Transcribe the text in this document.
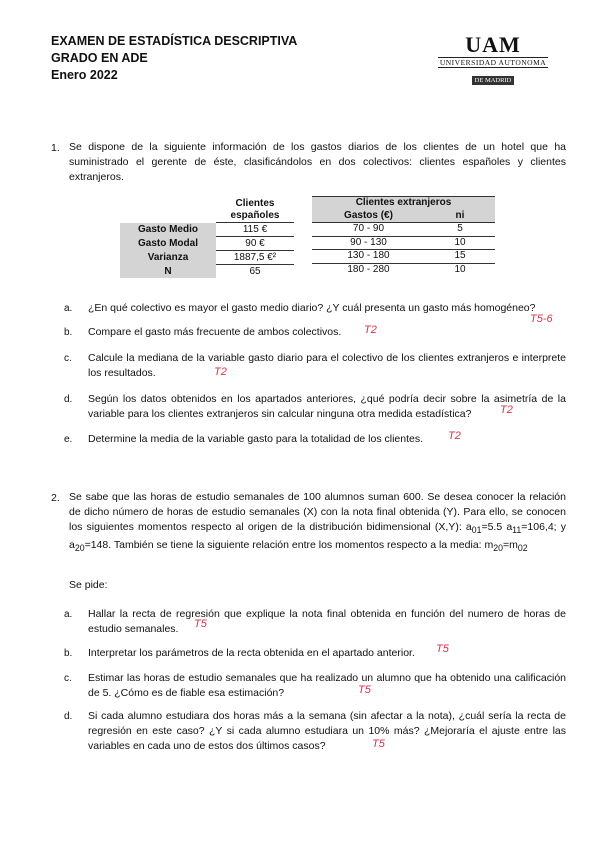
EXAMEN DE ESTADÍSTICA DESCRIPTIVA
GRADO EN ADE
Enero 2022
UAM
UNIVERSIDAD AUTONOMA
DE MADRID
1. Se dispone de la siguiente información de los gastos diarios de los clientes de un hotel que ha suministrado el gerente de éste, clasificándolos en dos colectivos: clientes españoles y clientes extranjeros.
	Clientes españoles
Gasto Medio	115 €
Gasto Modal	90 €
Varianza	1887,5 €²
N	65
Clientes extranjeros	
Gastos (€)	ni
70 - 90	5
90 - 130	10
130 - 180	15
180 - 280	10
a. ¿En qué colectivo es mayor el gasto medio diario? ¿Y cuál presenta un gasto más homogéneo?
T5-6
b. Compare el gasto más frecuente de ambos colectivos.	T2
c. Calcule la mediana de la variable gasto diario para el colectivo de los clientes extranjeros e interprete los resultados.	T2
d. Según los datos obtenidos en los apartados anteriores, ¿qué podría decir sobre la asimetría de la variable para los clientes extranjeros sin calcular ninguna otra medida estadística?	T2
e. Determine la media de la variable gasto para la totalidad de los clientes.	T2
2. Se sabe que las horas de estudio semanales de 100 alumnos suman 600. Se desea conocer la relación de dicho número de horas de estudio semanales (X) con la nota final obtenida (Y). Para ello, se conocen los siguientes momentos respecto al origen de la distribución bidimensional (X,Y): $a_{01}=5.5$ $a_{11}=106,4$; y $a_{20}=148$. También se tiene la siguiente relación entre los momentos respecto a la media: $m_{20}=m_{02}$
Se pide:
a. Hallar la recta de regresión que explique la nota final obtenida en función del numero de horas de estudio semanales.	T5
b. Interpretar los parámetros de la recta obtenida en el apartado anterior.	T5
c. Estimar las horas de estudio semanales que ha realizado un alumno que ha obtenido una calificación de 5. ¿Cómo es de fiable esa estimación?	T5
d. Si cada alumno estudiara dos horas más a la semana (sin afectar a la nota), ¿cuál sería la recta de regresión en este caso? ¿Y si cada alumno estudiara un 10% más? ¿Mejoraría el ajuste entre las variables en cada uno de estos dos últimos casos?	T5
